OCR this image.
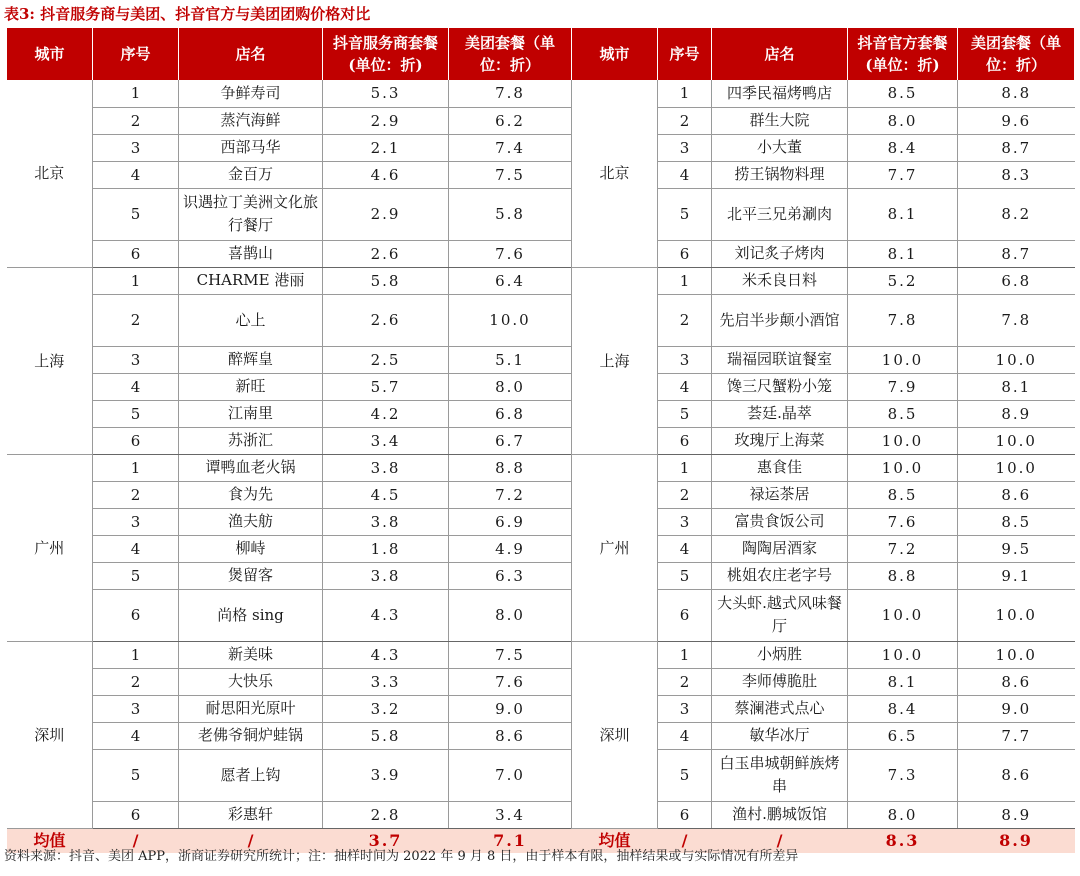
表3: 抖音服务商与美团、抖音官方与美团团购价格对比
城市	序号	店名	抖音服务商套餐(单位：折)	美团套餐（单位：折）	城市	序号	店名	抖音官方套餐(单位：折)	美团套餐（单位：折）
北京	1	争鲜寿司	5.3	7.8	北京	1	四季民福烤鸭店	8.5	8.8
	2	蒸汽海鲜	2.9	6.2		2	群生大院	8.0	9.6
	3	西部马华	2.1	7.4		3	小大董	8.4	8.7
	4	金百万	4.6	7.5		4	捞王锅物料理	7.7	8.3
	5	识遇拉丁美洲文化旅行餐厅	2.9	5.8		5	北平三兄弟涮肉	8.1	8.2
	6	喜鹊山	2.6	7.6		6	刘记炙子烤肉	8.1	8.7
上海	1	CHARME 港丽	5.8	6.4	上海	1	米禾良日料	5.2	6.8
	2	心上	2.6	10.0		2	先启半步颠小酒馆	7.8	7.8
	3	醉辉皇	2.5	5.1		3	瑞福园联谊餐室	10.0	10.0
	4	新旺	5.7	8.0		4	馋三尺蟹粉小笼	7.9	8.1
	5	江南里	4.2	6.8		5	荟廷.晶萃	8.5	8.9
	6	苏浙汇	3.4	6.7		6	玫瑰厅上海菜	10.0	10.0
广州	1	谭鸭血老火锅	3.8	8.8	广州	1	惠食佳	10.0	10.0
	2	食为先	4.5	7.2		2	禄运茶居	8.5	8.6
	3	渔夫舫	3.8	6.9		3	富贵食饭公司	7.6	8.5
	4	柳峙	1.8	4.9		4	陶陶居酒家	7.2	9.5
	5	煲留客	3.8	6.3		5	桃姐农庄老字号	8.8	9.1
	6	尚格 sing	4.3	8.0		6	大头虾.越式风味餐厅	10.0	10.0
深圳	1	新美味	4.3	7.5	深圳	1	小炳胜	10.0	10.0
	2	大快乐	3.3	7.6		2	李师傅脆肚	8.1	8.6
	3	耐思阳光原叶	3.2	9.0		3	蔡澜港式点心	8.4	9.0
	4	老佛爷铜炉蛙锅	5.8	8.6		4	敏华冰厅	6.5	7.7
	5	愿者上钩	3.9	7.0		5	白玉串城朝鲜族烤串	7.3	8.6
	6	彩惠轩	2.8	3.4		6	渔村.鹏城饭馆	8.0	8.9
均值	/	/	3.7	7.1	均值	/	/	8.3	8.9
资料来源：抖音、美团 APP，浙商证券研究所统计；注：抽样时间为 2022 年 9 月 8 日，由于样本有限，抽样结果或与实际情况有所差异
